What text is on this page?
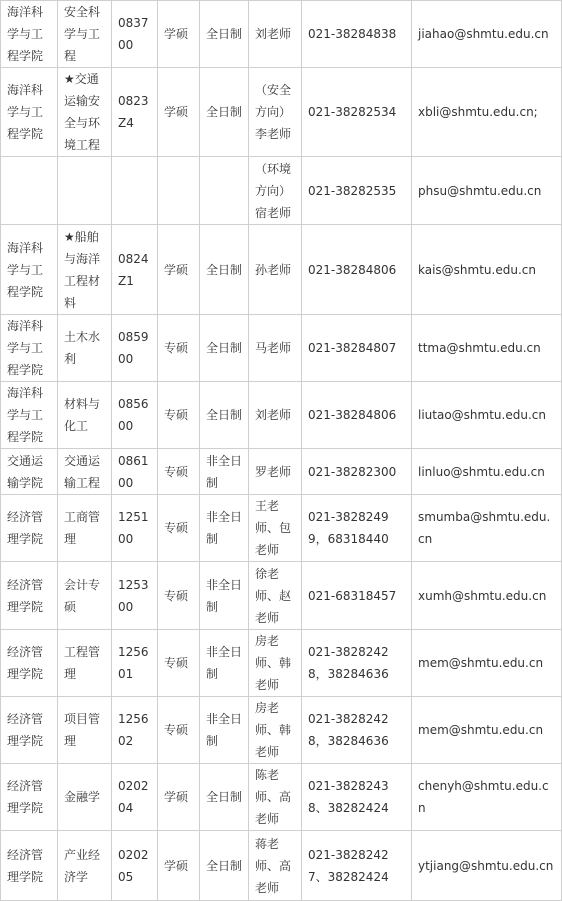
海洋科学与工程学院	安全科学与工程	083700	学硕	全日制	刘老师	021-38284838	jiahao@shmtu.edu.cn
海洋科学与工程学院	★交通运输安全与环境工程	0823Z4	学硕	全日制	（安全方向）李老师	021-38282534	xbli@shmtu.edu.cn;
					（环境方向）宿老师	021-38282535	phsu@shmtu.edu.cn
海洋科学与工程学院	★船舶与海洋工程材料	0824Z1	学硕	全日制	孙老师	021-38284806	kais@shmtu.edu.cn
海洋科学与工程学院	土木水利	085900	专硕	全日制	马老师	021-38284807	ttma@shmtu.edu.cn
海洋科学与工程学院	材料与化工	085600	专硕	全日制	刘老师	021-38284806	liutao@shmtu.edu.cn
交通运输学院	交通运输工程	086100	专硕	非全日制	罗老师	021-38282300	linluo@shmtu.edu.cn
经济管理学院	工商管理	125100	专硕	非全日制	王老师、包老师	021-38282499，68318440	smumba@shmtu.edu.cn
经济管理学院	会计专硕	125300	专硕	非全日制	徐老师、赵老师	021-68318457	xumh@shmtu.edu.cn
经济管理学院	工程管理	125601	专硕	非全日制	房老师、韩老师	021-38282428，38284636	mem@shmtu.edu.cn
经济管理学院	项目管理	125602	专硕	非全日制	房老师、韩老师	021-38282428，38284636	mem@shmtu.edu.cn
经济管理学院	金融学	020204	学硕	全日制	陈老师、高老师	021-38282438、38282424	chenyh@shmtu.edu.cn
经济管理学院	产业经济学	020205	学硕	全日制	蒋老师、高老师	021-38282427、38282424	ytjiang@shmtu.edu.cn
